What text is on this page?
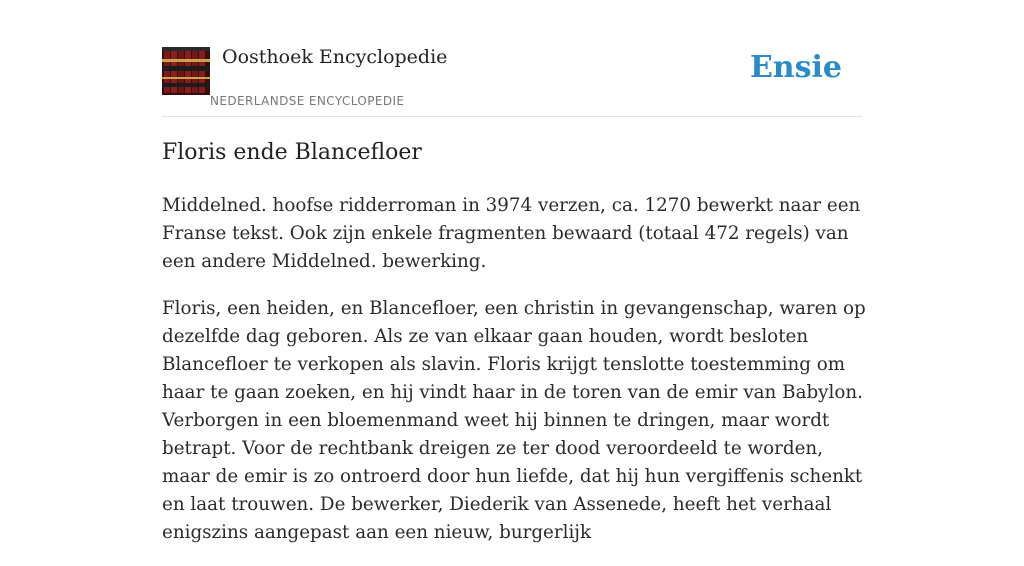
Oosthoek Encyclopedie
NEDERLANDSE ENCYCLOPEDIE
Ensie
Floris ende Blancefloer

Middelned. hoofse ridderroman in 3974 verzen, ca. 1270 bewerkt naar een Franse tekst. Ook zijn enkele fragmenten bewaard (totaal 472 regels) van een andere Middelned. bewerking.

Floris, een heiden, en Blancefloer, een christin in gevangenschap, waren op dezelfde dag geboren. Als ze van elkaar gaan houden, wordt besloten Blancefloer te verkopen als slavin. Floris krijgt tenslotte toestemming om haar te gaan zoeken, en hij vindt haar in de toren van de emir van Babylon. Verborgen in een bloemenmand weet hij binnen te dringen, maar wordt betrapt. Voor de rechtbank dreigen ze ter dood veroordeeld te worden, maar de emir is zo ontroerd door hun liefde, dat hij hun vergiffenis schenkt en laat trouwen. De bewerker, Diederik van Assenede, heeft het verhaal enigszins aangepast aan een nieuw, burgerlijk
